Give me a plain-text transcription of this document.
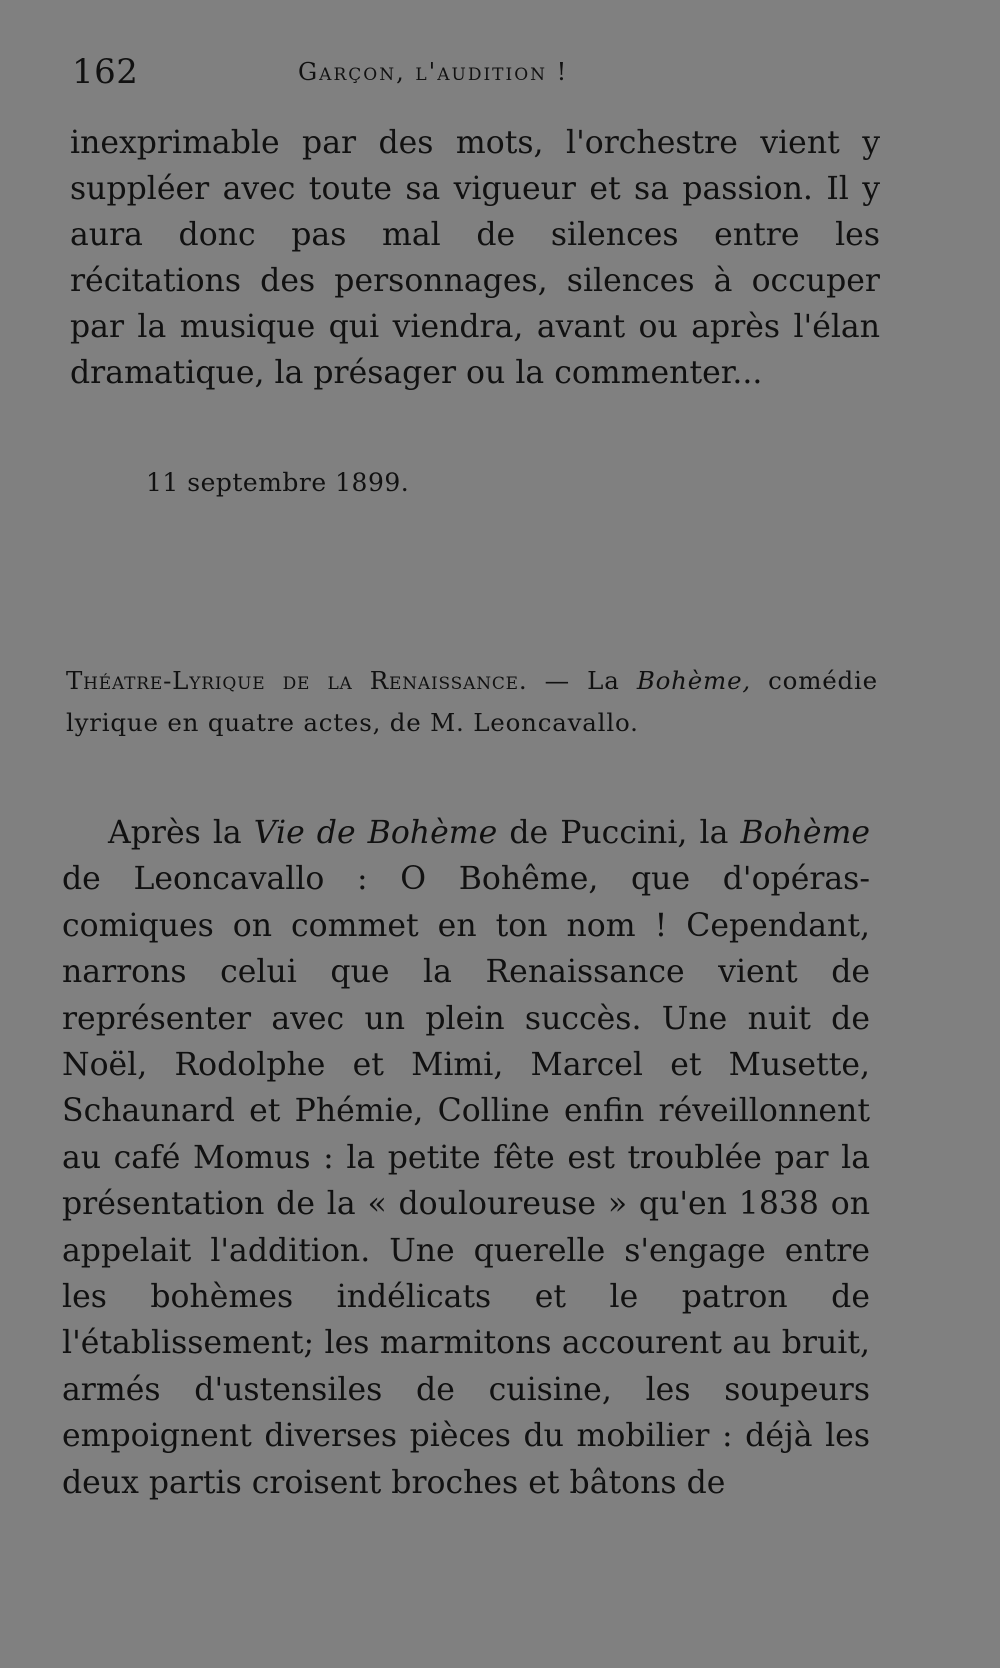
162	Garçon, l'audition !

inexprimable par des mots, l'orchestre vient y suppléer avec toute sa vigueur et sa passion. Il y aura donc pas mal de silences entre les récitations des personnages, silences à occuper par la musique qui viendra, avant ou après l'élan dramatique, la présager ou la commenter...

11 septembre 1899.
Théatre-Lyrique de la Renaissance. — La Bohème, comédie lyrique en quatre actes, de M. Leoncavallo.

Après la Vie de Bohème de Puccini, la Bohème de Leoncavallo : O Bohême, que d'opéras-comiques on commet en ton nom ! Cependant, narrons celui que la Renaissance vient de représenter avec un plein succès. Une nuit de Noël, Rodolphe et Mimi, Marcel et Musette, Schaunard et Phémie, Colline enfin réveillonnent au café Momus : la petite fête est troublée par la présentation de la « douloureuse » qu'en 1838 on appelait l'addition. Une querelle s'engage entre les bohèmes indélicats et le patron de l'établissement; les marmitons accourent au bruit, armés d'ustensiles de cuisine, les soupeurs empoignent diverses pièces du mobilier : déjà les deux partis croisent broches et bâtons de
